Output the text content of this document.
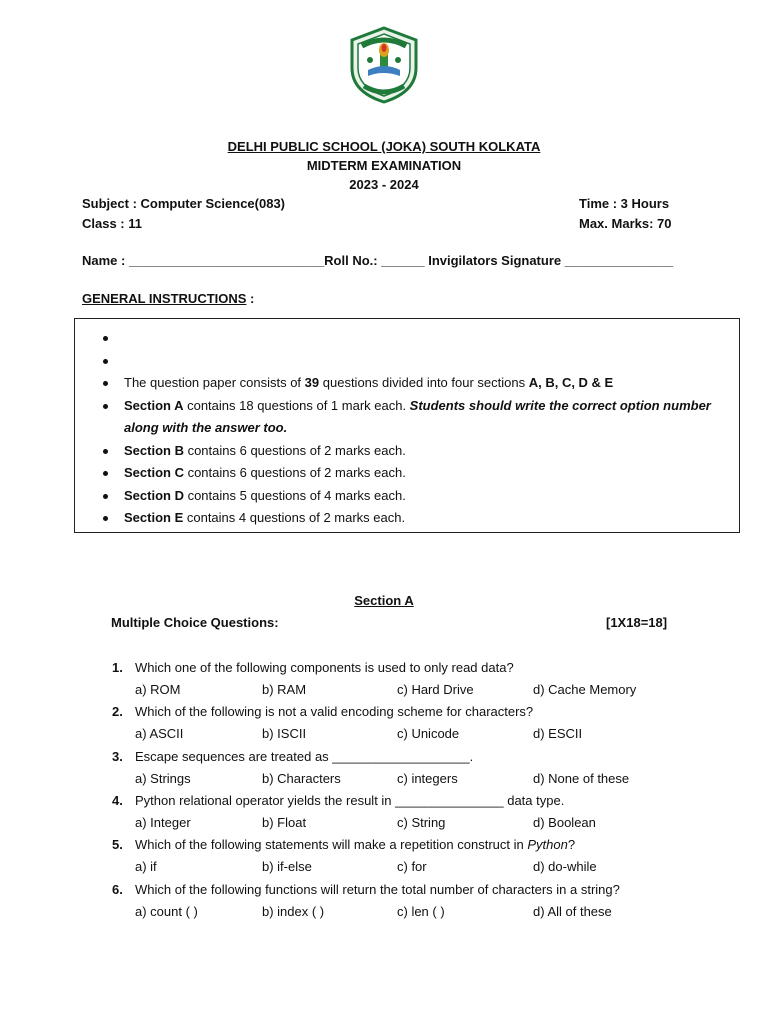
DELHI PUBLIC SCHOOL (JOKA) SOUTH KOLKATA
MIDTERM EXAMINATION
2023 - 2024
Subject : Computer Science(083)
Class : 11
Time : 3 Hours
Max. Marks: 70
Name : ___________________________Roll No.: ______ Invigilators Signature _______________
GENERAL INSTRUCTIONS :

The question paper consists of 39 questions divided into four sections A, B, C, D & E
Section A contains 18 questions of 1 mark each. Students should write the correct option number along with the answer too.
Section B contains 6 questions of 2 marks each.
Section C contains 6 questions of 2 marks each.
Section D contains 5 questions of 4 marks each.
Section E contains 4 questions of 2 marks each.
Section A
Multiple Choice Questions:	[1X18=18]
1. Which one of the following components is used to only read data?
a) ROM	b) RAM	c) Hard Drive	d) Cache Memory
2. Which of the following is not a valid encoding scheme for characters?
a) ASCII	b) ISCII	c) Unicode	d) ESCII
3. Escape sequences are treated as ___________________.
a) Strings	b) Characters	c) integers	d) None of these
4. Python relational operator yields the result in _______________ data type.
a) Integer	b) Float	c) String	d) Boolean
5. Which of the following statements will make a repetition construct in Python?
a) if	b) if-else	c) for	d) do-while
6. Which of the following functions will return the total number of characters in a string?
a) count ( )	b) index ( )	c) len ( )	d) All of these
